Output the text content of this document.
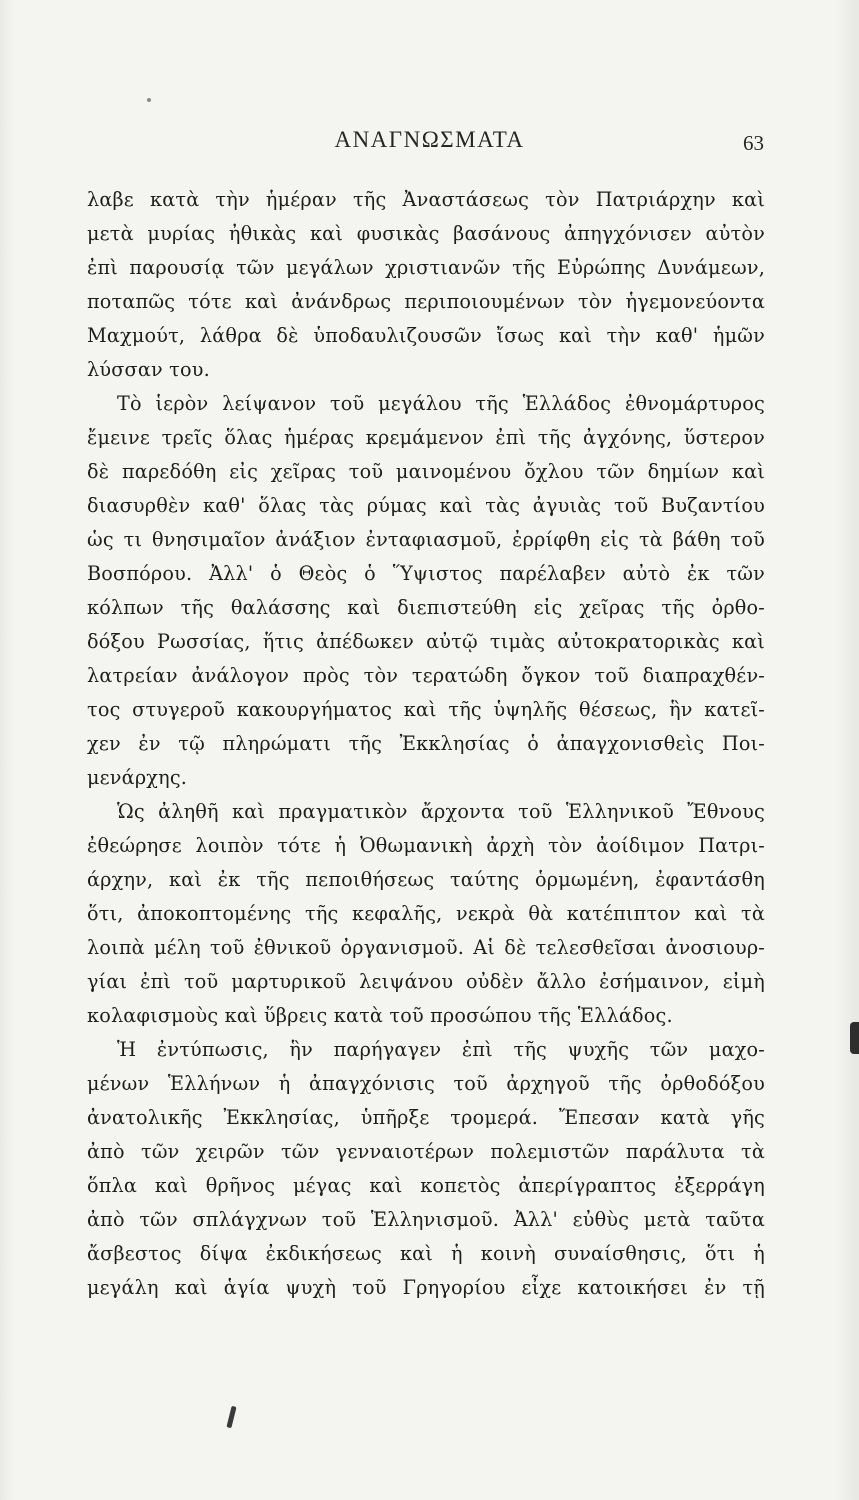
ΑΝΑΓΝΩΣΜΑΤΑ	63
λαβε κατὰ τὴν ἡμέραν τῆς Ἀναστάσεως τὸν Πατριάρχην καὶ
μετὰ μυρίας ἠθικὰς καὶ φυσικὰς βασάνους ἀπηγχόνισεν αὐτὸν
ἐπὶ παρουσίᾳ τῶν μεγάλων χριστιανῶν τῆς Εὐρώπης Δυνάμεων,
ποταπῶς τότε καὶ ἀνάνδρως περιποιουμένων τὸν ἡγεμονεύοντα
Μαχμούτ, λάθρα δὲ ὑποδαυλιζουσῶν ἴσως καὶ τὴν καθ' ἡμῶν
λύσσαν του.
Τὸ ἱερὸν λείψανον τοῦ μεγάλου τῆς Ἑλλάδος ἐθνομάρτυρος
ἔμεινε τρεῖς ὅλας ἡμέρας κρεμάμενον ἐπὶ τῆς ἀγχόνης, ὕστερον
δὲ παρεδόθη εἰς χεῖρας τοῦ μαινομένου ὄχλου τῶν δημίων καὶ
διασυρθὲν καθ' ὅλας τὰς ρύμας καὶ τὰς ἀγυιὰς τοῦ Βυζαντίου
ὡς τι θνησιμαῖον ἀνάξιον ἐνταφιασμοῦ, ἐρρίφθη εἰς τὰ βάθη τοῦ
Βοσπόρου. Ἀλλ' ὁ Θεὸς ὁ Ὕψιστος παρέλαβεν αὐτὸ ἐκ τῶν
κόλπων τῆς θαλάσσης καὶ διεπιστεύθη εἰς χεῖρας τῆς ὀρθο-
δόξου Ρωσσίας, ἥτις ἀπέδωκεν αὐτῷ τιμὰς αὐτοκρατορικὰς καὶ
λατρείαν ἀνάλογον πρὸς τὸν τερατώδη ὄγκον τοῦ διαπραχθέν-
τος στυγεροῦ κακουργήματος καὶ τῆς ὑψηλῆς θέσεως, ἣν κατεῖ-
χεν ἐν τῷ πληρώματι τῆς Ἐκκλησίας ὁ ἀπαγχονισθεὶς Ποι-
μενάρχης.
Ὡς ἀληθῆ καὶ πραγματικὸν ἄρχοντα τοῦ Ἑλληνικοῦ Ἔθνους
ἐθεώρησε λοιπὸν τότε ἡ Ὀθωμανικὴ ἀρχὴ τὸν ἀοίδιμον Πατρι-
άρχην, καὶ ἐκ τῆς πεποιθήσεως ταύτης ὁρμωμένη, ἐφαντάσθη
ὅτι, ἀποκοπτομένης τῆς κεφαλῆς, νεκρὰ θὰ κατέπιπτον καὶ τὰ
λοιπὰ μέλη τοῦ ἐθνικοῦ ὀργανισμοῦ. Αἱ δὲ τελεσθεῖσαι ἀνοσιουρ-
γίαι ἐπὶ τοῦ μαρτυρικοῦ λειψάνου οὐδὲν ἄλλο ἐσήμαινον, εἰμὴ
κολαφισμοὺς καὶ ὕβρεις κατὰ τοῦ προσώπου τῆς Ἑλλάδος.
Ἡ ἐντύπωσις, ἣν παρήγαγεν ἐπὶ τῆς ψυχῆς τῶν μαχο-
μένων Ἑλλήνων ἡ ἀπαγχόνισις τοῦ ἀρχηγοῦ τῆς ὀρθοδόξου
ἀνατολικῆς Ἐκκλησίας, ὑπῆρξε τρομερά. Ἔπεσαν κατὰ γῆς
ἀπὸ τῶν χειρῶν τῶν γενναιοτέρων πολεμιστῶν παράλυτα τὰ
ὅπλα καὶ θρῆνος μέγας καὶ κοπετὸς ἀπερίγραπτος ἐξερράγη
ἀπὸ τῶν σπλάγχνων τοῦ Ἑλληνισμοῦ. Ἀλλ' εὐθὺς μετὰ ταῦτα
ἄσβεστος δίψα ἐκδικήσεως καὶ ἡ κοινὴ συναίσθησις, ὅτι ἡ
μεγάλη καὶ ἁγία ψυχὴ τοῦ Γρηγορίου εἶχε κατοικήσει ἐν τῇ
